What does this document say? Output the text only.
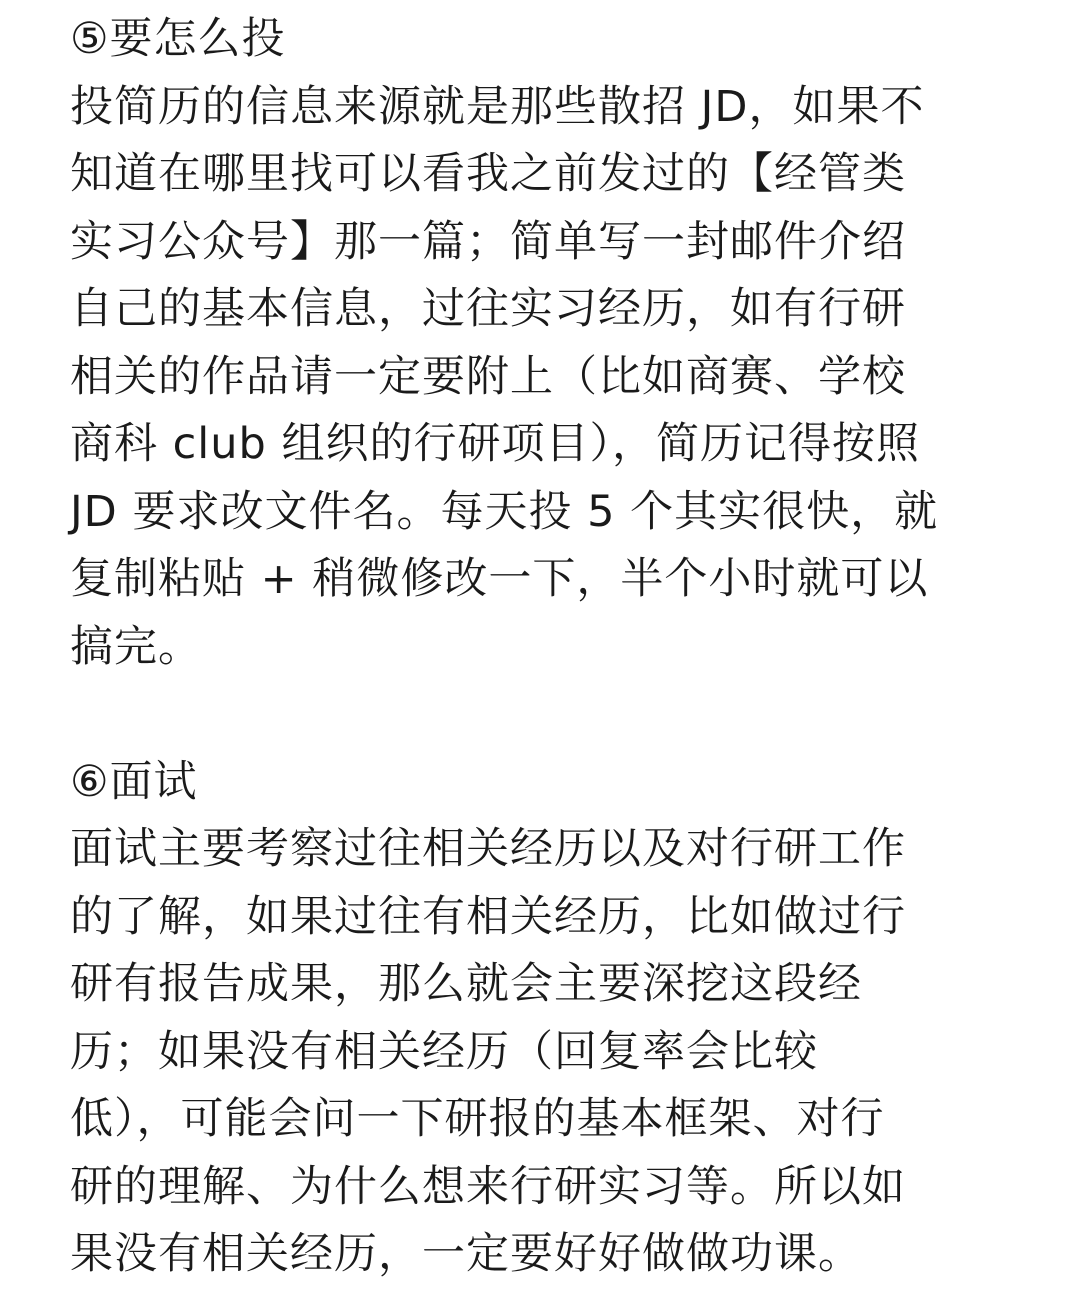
⑤要怎么投
投简历的信息来源就是那些散招 JD，如果不
知道在哪里找可以看我之前发过的【经管类
实习公众号】那一篇；简单写一封邮件介绍
自己的基本信息，过往实习经历，如有行研
相关的作品请一定要附上（比如商赛、学校
商科 club 组织的行研项目），简历记得按照
JD 要求改文件名。每天投 5 个其实很快，就
复制粘贴 + 稍微修改一下，半个小时就可以
搞完。
⑥面试
面试主要考察过往相关经历以及对行研工作
的了解，如果过往有相关经历，比如做过行
研有报告成果，那么就会主要深挖这段经
历；如果没有相关经历（回复率会比较
低），可能会问一下研报的基本框架、对行
研的理解、为什么想来行研实习等。所以如
果没有相关经历，一定要好好做做功课。
